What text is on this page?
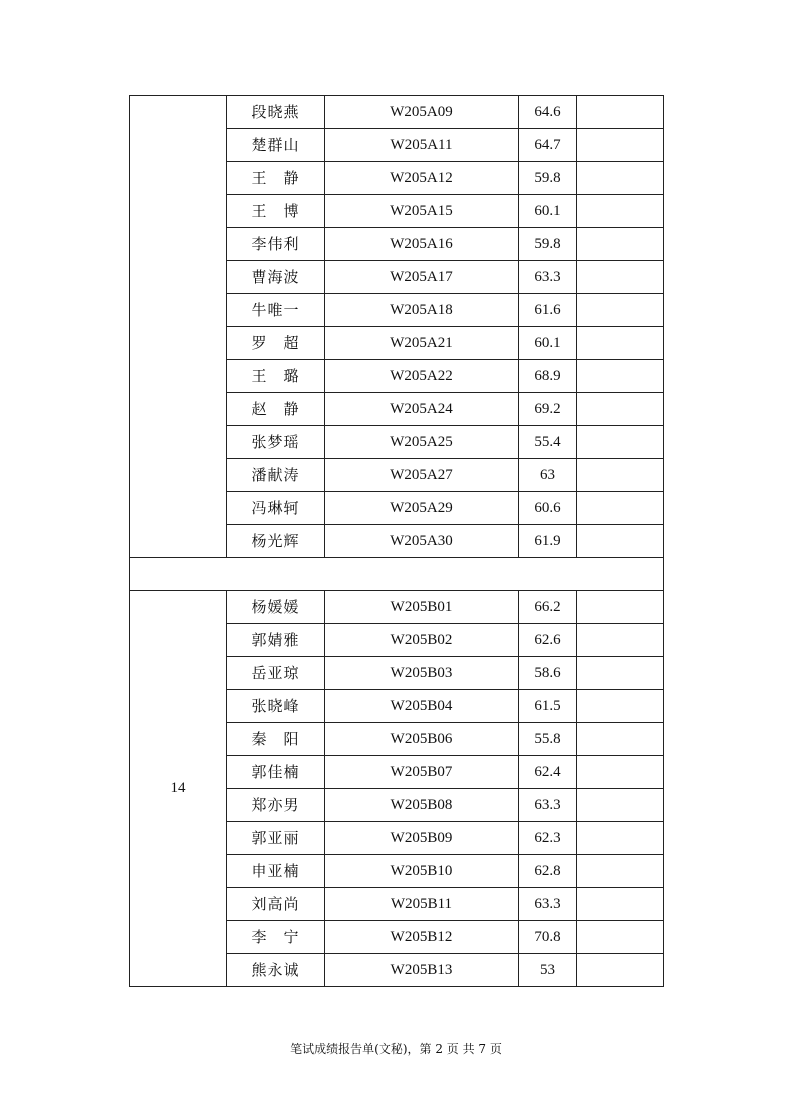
	段晓燕	W205A09	64.6	
	楚群山	W205A11	64.7	
	王　静	W205A12	59.8	
	王　博	W205A15	60.1	
	李伟利	W205A16	59.8	
	曹海波	W205A17	63.3	
	牛唯一	W205A18	61.6	
	罗　超	W205A21	60.1	
	王　璐	W205A22	68.9	
	赵　静	W205A24	69.2	
	张梦瑶	W205A25	55.4	
	潘献涛	W205A27	63	
	冯琳轲	W205A29	60.6	
	杨光辉	W205A30	61.9	

14	杨媛媛	W205B01	66.2	
	郭婧雅	W205B02	62.6	
	岳亚琼	W205B03	58.6	
	张晓峰	W205B04	61.5	
	秦　阳	W205B06	55.8	
	郭佳楠	W205B07	62.4	
	郑亦男	W205B08	63.3	
	郭亚丽	W205B09	62.3	
	申亚楠	W205B10	62.8	
	刘高尚	W205B11	63.3	
	李　宁	W205B12	70.8	
	熊永诚	W205B13	53	
笔试成绩报告单(文秘)，第 2 页 共 7 页
